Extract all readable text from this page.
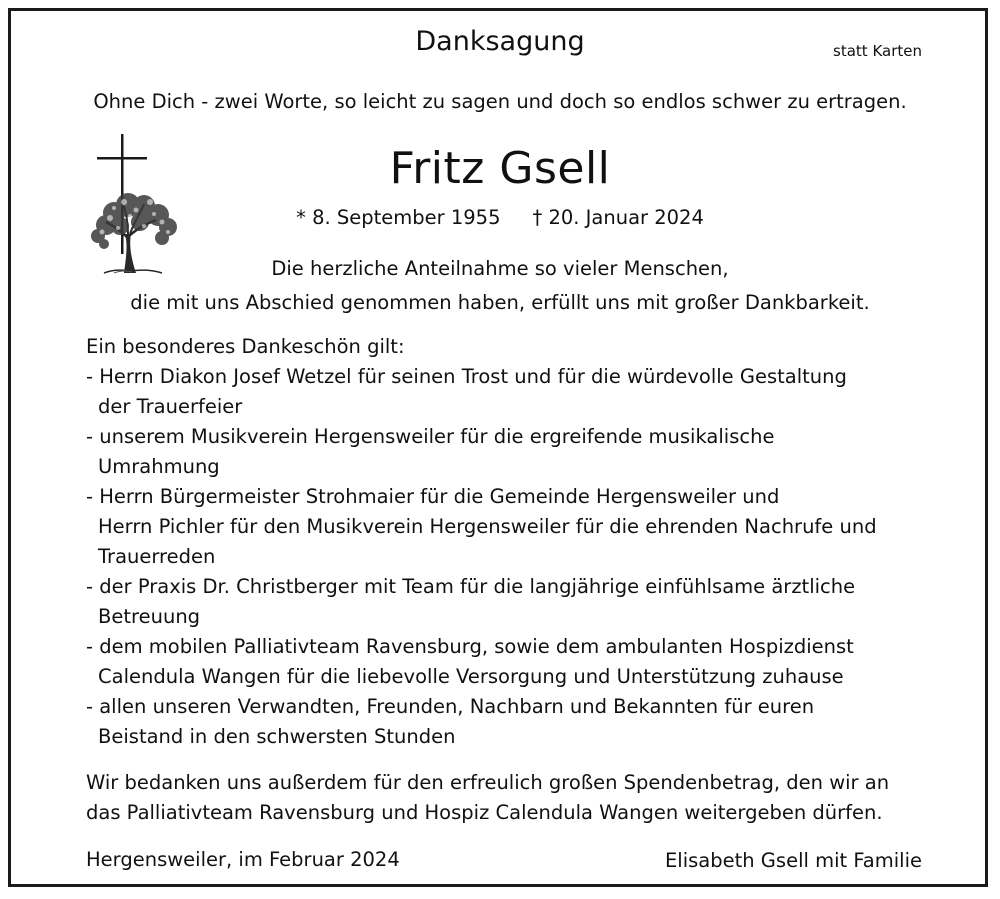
Danksagung	statt Karten
Ohne Dich - zwei Worte, so leicht zu sagen und doch so endlos schwer zu ertragen.
Fritz Gsell
* 8. September 1955 † 20. Januar 2024
Die herzliche Anteilnahme so vieler Menschen,
die mit uns Abschied genommen haben, erfüllt uns mit großer Dankbarkeit.
Ein besonderes Dankeschön gilt:
- Herrn Diakon Josef Wetzel für seinen Trost und für die würdevolle Gestaltung
der Trauerfeier
- unserem Musikverein Hergensweiler für die ergreifende musikalische
Umrahmung
- Herrn Bürgermeister Strohmaier für die Gemeinde Hergensweiler und
Herrn Pichler für den Musikverein Hergensweiler für die ehrenden Nachrufe und
Trauerreden
- der Praxis Dr. Christberger mit Team für die langjährige einfühlsame ärztliche
Betreuung
- dem mobilen Palliativteam Ravensburg, sowie dem ambulanten Hospizdienst
Calendula Wangen für die liebevolle Versorgung und Unterstützung zuhause
- allen unseren Verwandten, Freunden, Nachbarn und Bekannten für euren
Beistand in den schwersten Stunden
Wir bedanken uns außerdem für den erfreulich großen Spendenbetrag, den wir an
das Palliativteam Ravensburg und Hospiz Calendula Wangen weitergeben dürfen.
Hergensweiler, im Februar 2024	Elisabeth Gsell mit Familie
